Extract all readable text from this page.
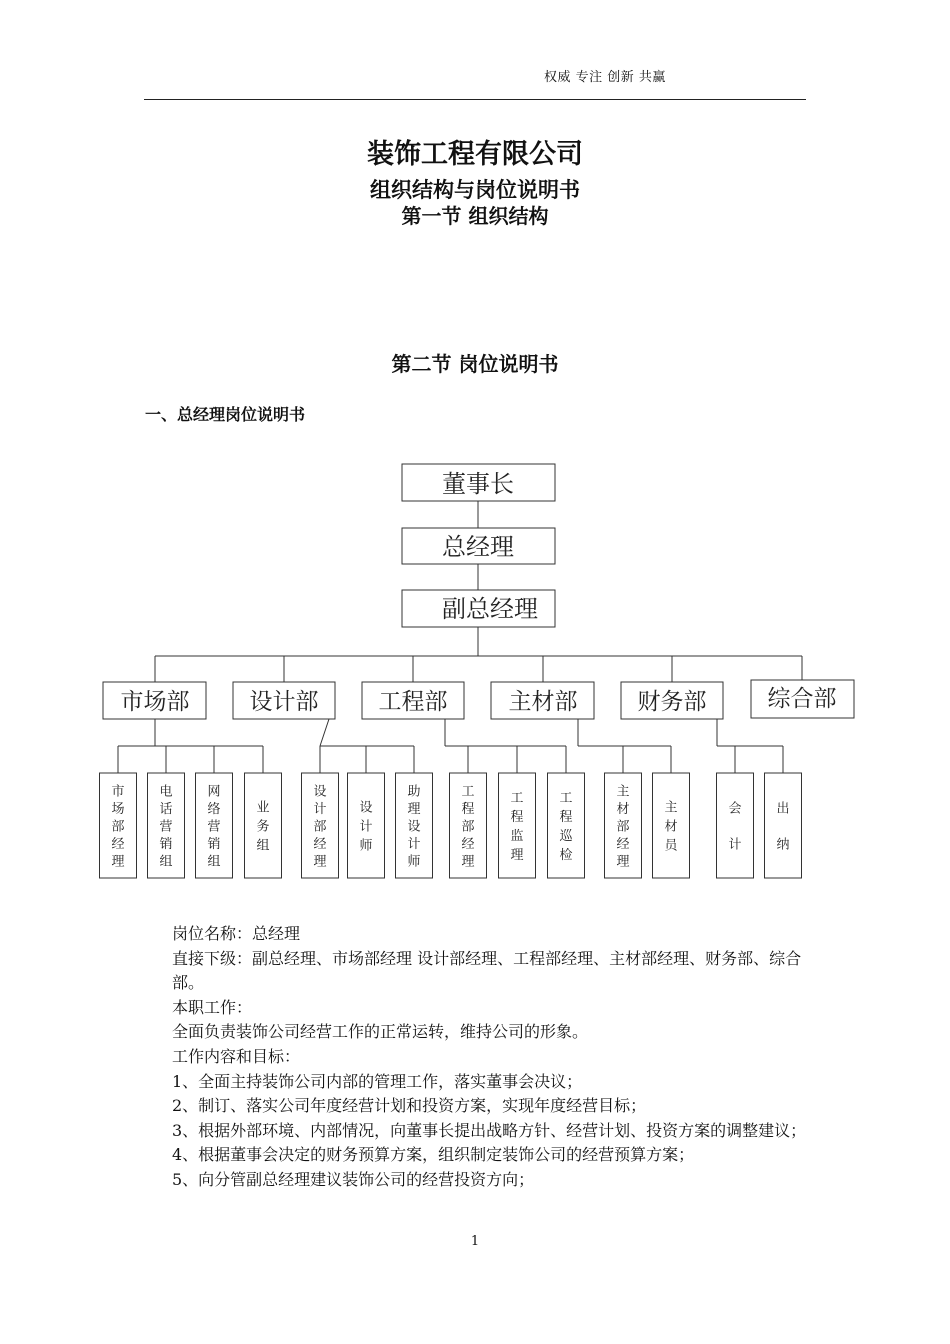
权威 专注 创新 共赢
装饰工程有限公司
组织结构与岗位说明书
第一节 组织结构
第二节 岗位说明书
一、总经理岗位说明书
董事长
总经理
副总经理
市场部	设计部	工程部	主材部	财务部	综合部
市场部经理
电话营销组
网络营销组
业务组
设计部经理
设计师
助理设计师
工程部经理
工程监理
工程巡检
主材部经理
主材员
会计
出纳
岗位名称：总经理
直接下级：副总经理、市场部经理 设计部经理、工程部经理、主材部经理、财务部、综合部。
本职工作：
全面负责装饰公司经营工作的正常运转，维持公司的形象。
工作内容和目标：
1、全面主持装饰公司内部的管理工作，落实董事会决议；
2、制订、落实公司年度经营计划和投资方案，实现年度经营目标；
3、根据外部环境、内部情况，向董事长提出战略方针、经营计划、投资方案的调整建议；
4、根据董事会决定的财务预算方案，组织制定装饰公司的经营预算方案；
5、向分管副总经理建议装饰公司的经营投资方向；
1
